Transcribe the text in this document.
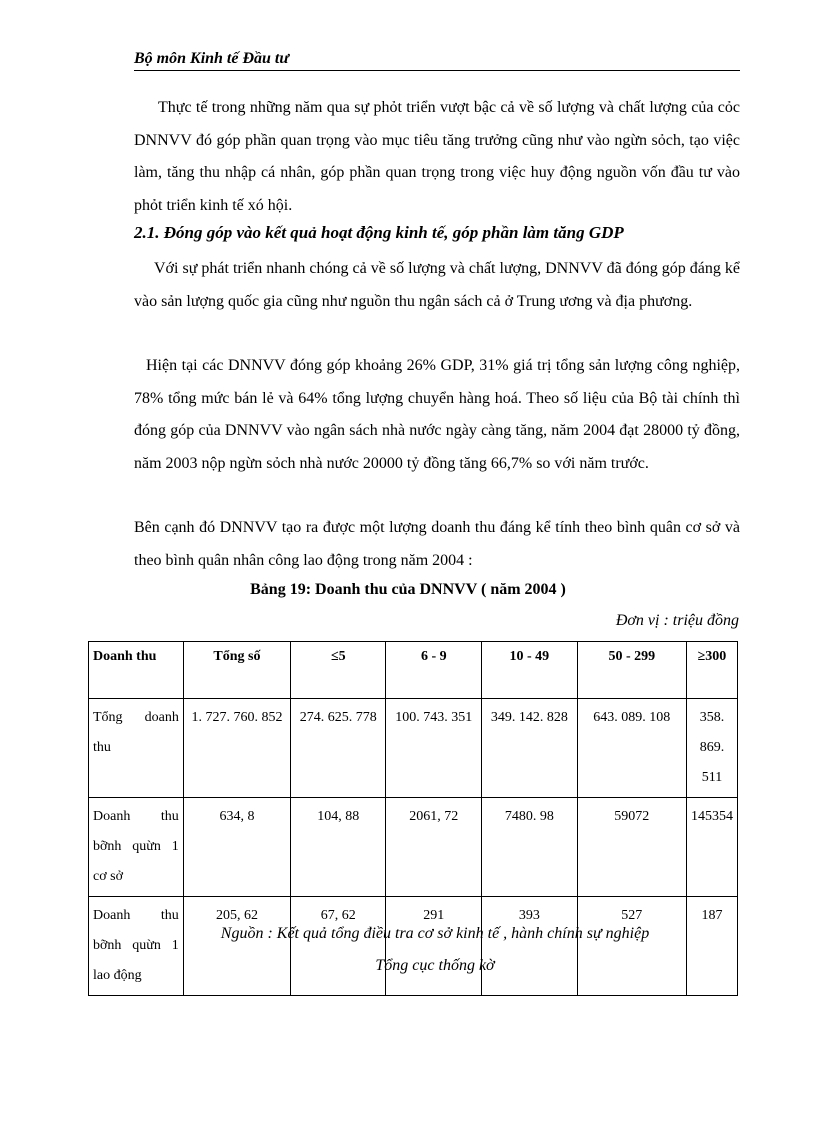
Bộ môn Kinh tế Đầu tư

Thực tế trong những năm qua sự phỏt triển vượt bậc cả về số lượng và chất lượng của cỏc DNNVV đó góp phần quan trọng vào mục tiêu tăng trưởng cũng như vào ngừn sỏch, tạo việc làm, tăng thu nhập cá nhân, góp phần quan trọng trong việc huy động nguồn vốn đầu tư vào phỏt triển kinh tế xó hội.

2.1. Đóng góp vào kết quả hoạt động kinh tế, góp phần làm tăng GDP

Với sự phát triển nhanh chóng cả về số lượng và chất lượng, DNNVV đã đóng góp đáng kể vào sản lượng quốc gia cũng như nguồn thu ngân sách cả ở Trung ương và địa phương.

Hiện tại các DNNVV đóng góp khoảng 26% GDP, 31% giá trị tổng sản lượng công nghiệp, 78% tổng mức bán lẻ và 64% tổng lượng chuyển hàng hoá. Theo số liệu của Bộ tài chính thì đóng góp của DNNVV vào ngân sách nhà nước ngày càng tăng, năm 2004 đạt 28000 tỷ đồng, năm 2003 nộp ngừn sỏch nhà nước 20000 tỷ đồng tăng 66,7% so với năm trước.

Bên cạnh đó DNNVV tạo ra được một lượng doanh thu đáng kể tính theo bình quân cơ sở và theo bình quân nhân công lao động trong năm 2004 :

Bảng 19: Doanh thu của DNNVV ( năm 2004 )
Đơn vị : triệu đồng
Doanh thu	Tổng số	≤5	6 - 9	10 - 49	50 - 299	≥300
Tổng doanh thu	1. 727. 760. 852	274. 625. 778	100. 743. 351	349. 142. 828	643. 089. 108	358. 869. 511
Doanh thu bỡnh quừn 1 cơ sở	634, 8	104, 88	2061, 72	7480. 98	59072	145354
Doanh thu bỡnh quừn 1 lao động	205, 62	67, 62	291	393	527	187
Nguồn : Kết quả tổng điều tra cơ sở kinh tế , hành chính sự nghiệp
Tổng cục thống kờ
